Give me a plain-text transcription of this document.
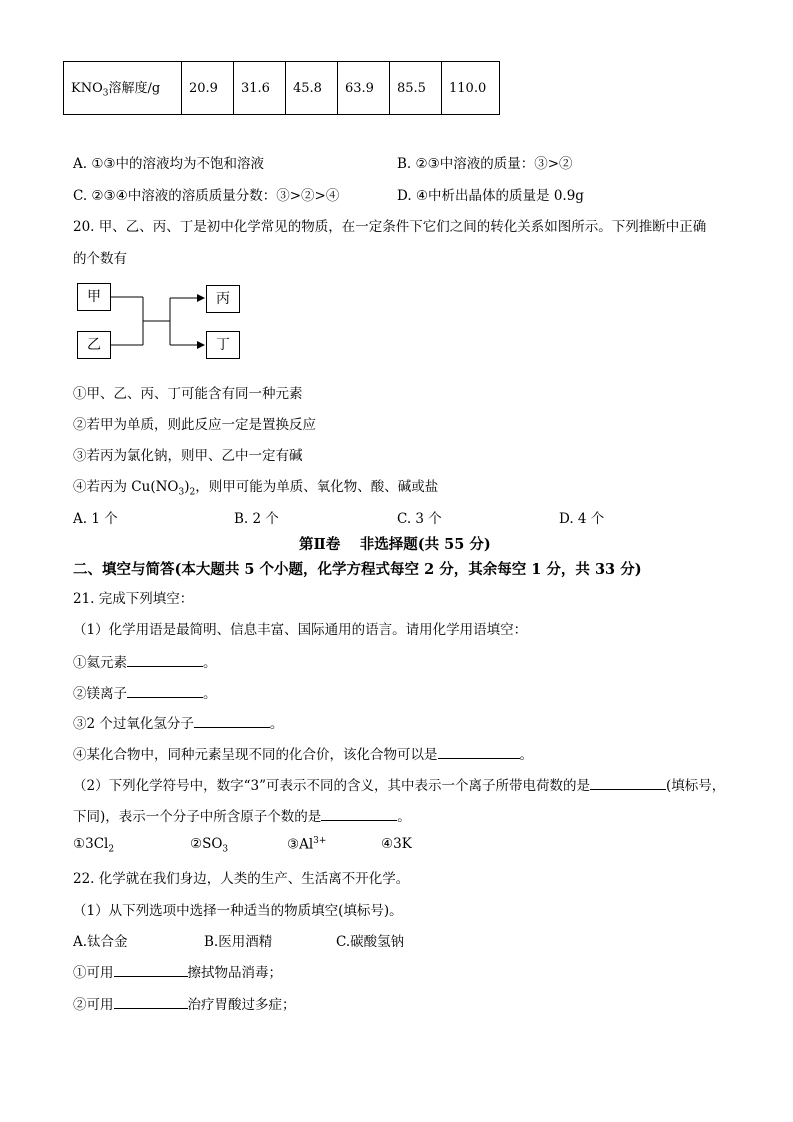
$KNO_3$溶解度/g	20.9	31.6	45.8	63.9	85.5	110.0
A. ①③中的溶液均为不饱和溶液	B. ②③中溶液的质量：③>②
C. ②③④中溶液的溶质质量分数：③>②>④	D. ④中析出晶体的质量是 0.9g
20. 甲、乙、丙、丁是初中化学常见的物质，在一定条件下它们之间的转化关系如图所示。下列推断中正确
的个数有
甲
乙
丙
丁
①甲、乙、丙、丁可能含有同一种元素
②若甲为单质，则此反应一定是置换反应
③若丙为氯化钠，则甲、乙中一定有碱
④若丙为 $Cu(NO_3)_2$，则甲可能为单质、氧化物、酸、碱或盐
A. 1 个	B. 2 个	C. 3 个	D. 4 个
第Ⅱ卷　 非选择题(共 55 分)
二、填空与简答(本大题共 5 个小题，化学方程式每空 2 分，其余每空 1 分，共 33 分)
21. 完成下列填空：
（1）化学用语是最简明、信息丰富、国际通用的语言。请用化学用语填空：
①氦元素	。
②镁离子	。
③2 个过氧化氢分子	。
④某化合物中，同种元素呈现不同的化合价，该化合物可以是	。
（2）下列化学符号中，数字“3”可表示不同的含义，其中表示一个离子所带电荷数的是	(填标号，
下同)，表示一个分子中所含原子个数的是	。
$①3Cl_2$	$②SO_3$	$③Al^{3+}$	④3K
22. 化学就在我们身边，人类的生产、生活离不开化学。
（1）从下列选项中选择一种适当的物质填空(填标号)。
A.钛合金	B.医用酒精	C.碳酸氢钠
①可用	擦拭物品消毒；
②可用	治疗胃酸过多症；
